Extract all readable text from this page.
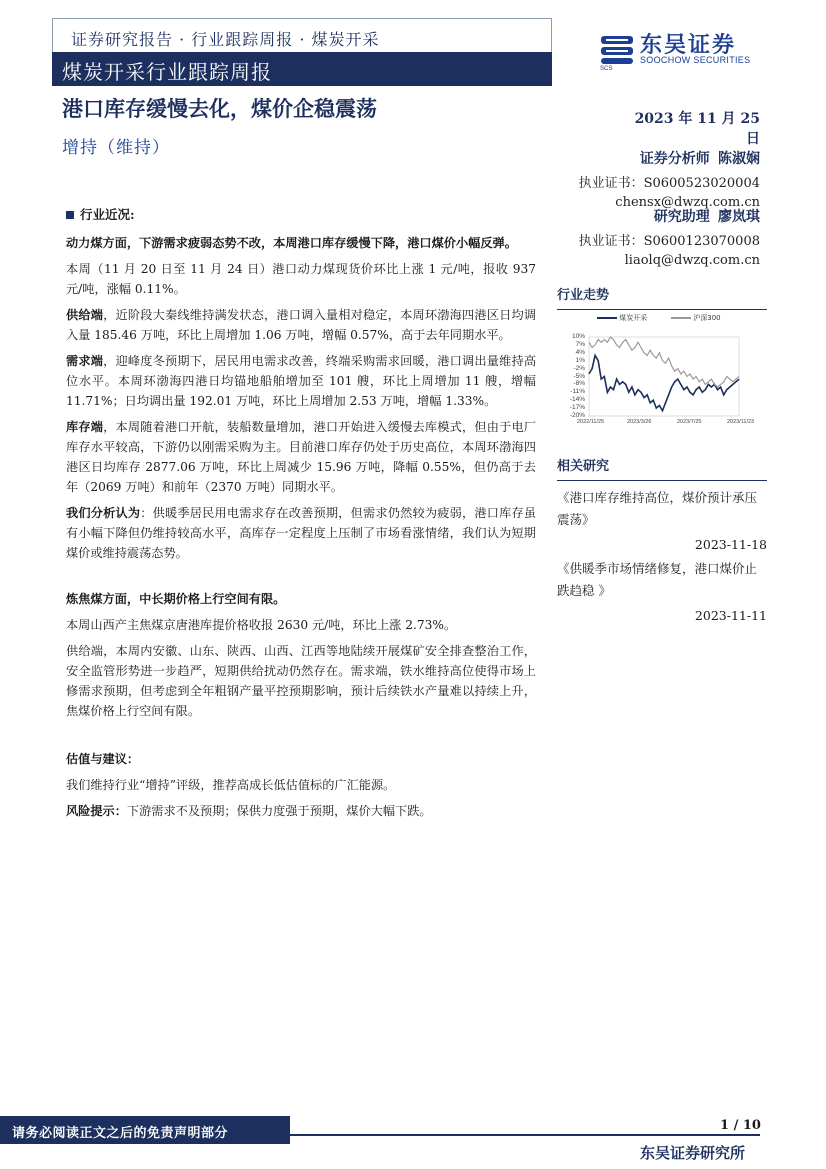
证券研究报告 · 行业跟踪周报 · 煤炭开采
煤炭开采行业跟踪周报
东吴证券
SOOCHOW SECURITIES
SCS
港口库存缓慢去化，煤价企稳震荡
增持（维持）
2023 年 11 月 25 日
证券分析师 陈淑娴
执业证书：S0600523020004
chensx@dwzq.com.cn
研究助理 廖岚琪
执业证书：S0600123070008
liaolq@dwzq.com.cn
行业近况:
动力煤方面，下游需求疲弱态势不改，本周港口库存缓慢下降，港口煤价小幅反弹。
本周（11 月 20 日至 11 月 24 日）港口动力煤现货价环比上涨 1 元/吨，报收 937 元/吨，涨幅 0.11%。
供给端，近阶段大秦线维持满发状态，港口调入量相对稳定，本周环渤海四港区日均调入量 185.46 万吨，环比上周增加 1.06 万吨，增幅 0.57%，高于去年同期水平。
需求端，迎峰度冬预期下，居民用电需求改善，终端采购需求回暖，港口调出量维持高位水平。本周环渤海四港日均锚地船舶增加至 101 艘，环比上周增加 11 艘，增幅 11.71%；日均调出量 192.01 万吨，环比上周增加 2.53 万吨，增幅 1.33%。
库存端，本周随着港口开航，装船数量增加，港口开始进入缓慢去库模式，但由于电厂库存水平较高，下游仍以刚需采购为主。目前港口库存仍处于历史高位，本周环渤海四港区日均库存 2877.06 万吨，环比上周减少 15.96 万吨，降幅 0.55%，但仍高于去年（2069 万吨）和前年（2370 万吨）同期水平。
我们分析认为：供暖季居民用电需求存在改善预期，但需求仍然较为疲弱，港口库存虽有小幅下降但仍维持较高水平，高库存一定程度上压制了市场看涨情绪，我们认为短期煤价或维持震荡态势。
炼焦煤方面，中长期价格上行空间有限。
本周山西产主焦煤京唐港库提价格收报 2630 元/吨，环比上涨 2.73%。
供给端，本周内安徽、山东、陕西、山西、江西等地陆续开展煤矿安全排查整治工作，安全监管形势进一步趋严，短期供给扰动仍然存在。需求端，铁水维持高位使得市场上修需求预期，但考虑到全年粗钢产量平控预期影响，预计后续铁水产量难以持续上升，焦煤价格上行空间有限。
估值与建议：
我们维持行业“增持”评级，推荐高成长低估值标的广汇能源。
风险提示：下游需求不及预期；保供力度强于预期，煤价大幅下跌。
行业走势
煤炭开采	沪深300
10%
7%
4%
1%
-2%
-5%
-8%
-11%
-14%
-17%
-20%
2022/11/25	2023/3/26	2023/7/25	2023/11/23
相关研究
《港口库存维持高位，煤价预计承压震荡》
2023-11-18
《供暖季市场情绪修复，港口煤价止跌趋稳 》
2023-11-11
1 / 10
请务必阅读正文之后的免责声明部分
东吴证券研究所
